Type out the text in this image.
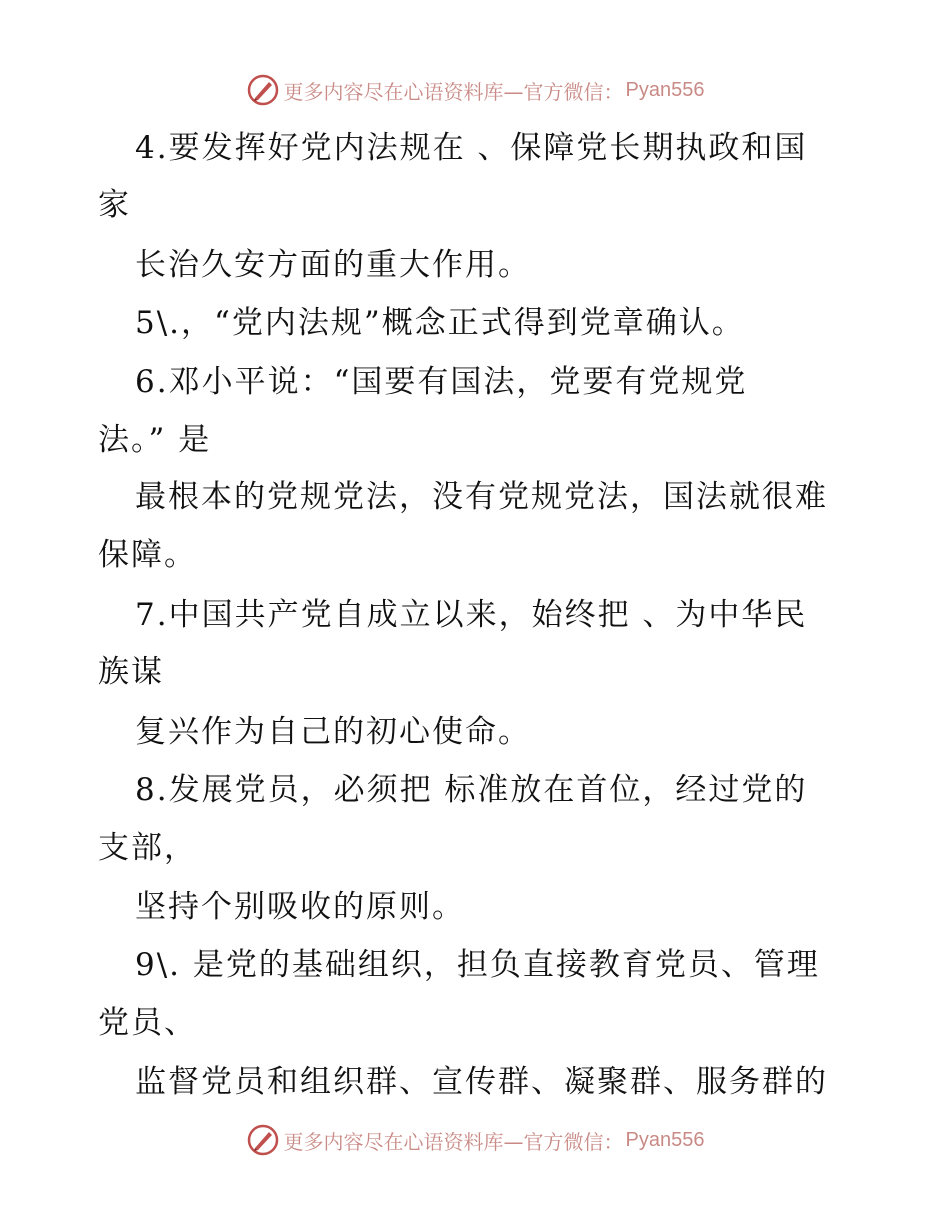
更多内容尽在心语资料库—官方微信： Pyan556
4.要发挥好党内法规在 、保障党长期执政和国
家
长治久安方面的重大作用。
5\.，“党内法规”概念正式得到党章确认。
6.邓小平说：“国要有国法，党要有党规党
法。” 是
最根本的党规党法，没有党规党法，国法就很难
保障。
7.中国共产党自成立以来，始终把 、为中华民
族谋
复兴作为自己的初心使命。
8.发展党员，必须把 标准放在首位，经过党的
支部，
坚持个别吸收的原则。
9\. 是党的基础组织，担负直接教育党员、管理
党员、
监督党员和组织群、宣传群、凝聚群、服务群的
更多内容尽在心语资料库—官方微信： Pyan556
